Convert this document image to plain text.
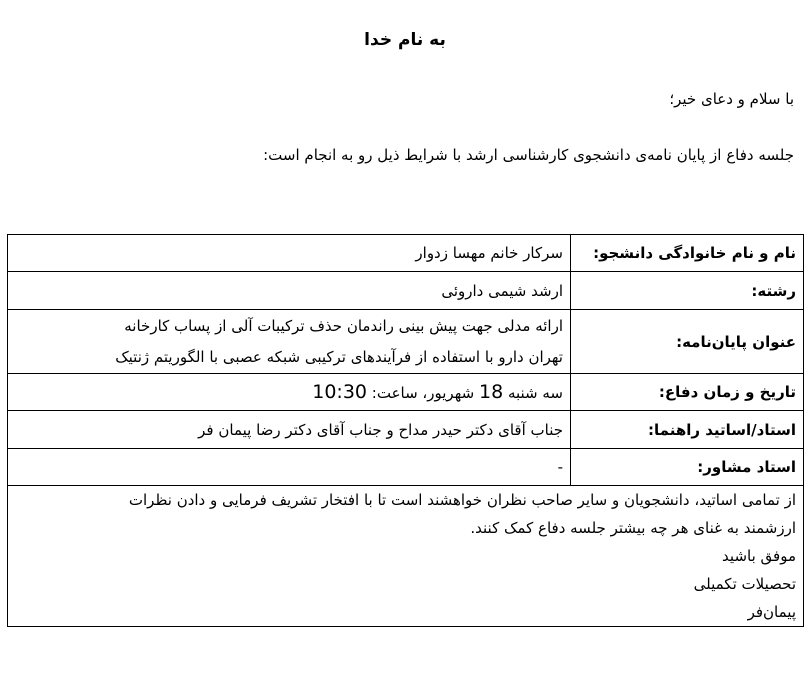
به نام خدا
با سلام و دعای خیر؛
جلسه دفاع از پایان نامه‌ی دانشجوی کارشناسی ارشد با شرایط ذیل رو به انجام است:
نام و نام خانوادگی دانشجو:	سرکار خانم مهسا زدوار
رشته:	ارشد شیمی داروئی
عنوان پایان‌نامه:	ارائه مدلی جهت پیش بینی راندمان حذف ترکیبات آلی از پساب کارخانه
تهران دارو با استفاده از فرآیندهای ترکیبی شبکه عصبی با الگوریتم ژنتیک

تاریخ و زمان دفاع:	سه شنبه 18 شهریور، ساعت: 10:30
استاد/اساتید راهنما:	جناب آقای دکتر حیدر مداح و جناب آقای دکتر رضا پیمان فر
استاد مشاور:	-

از تمامی اساتید، دانشجویان و سایر صاحب نظران خواهشند است تا با افتخار تشریف فرمایی و دادن نظرات
ارزشمند به غنای هر چه بیشتر جلسه دفاع کمک کنند.
موفق باشید
تحصیلات تکمیلی
پیمان‌فر	
